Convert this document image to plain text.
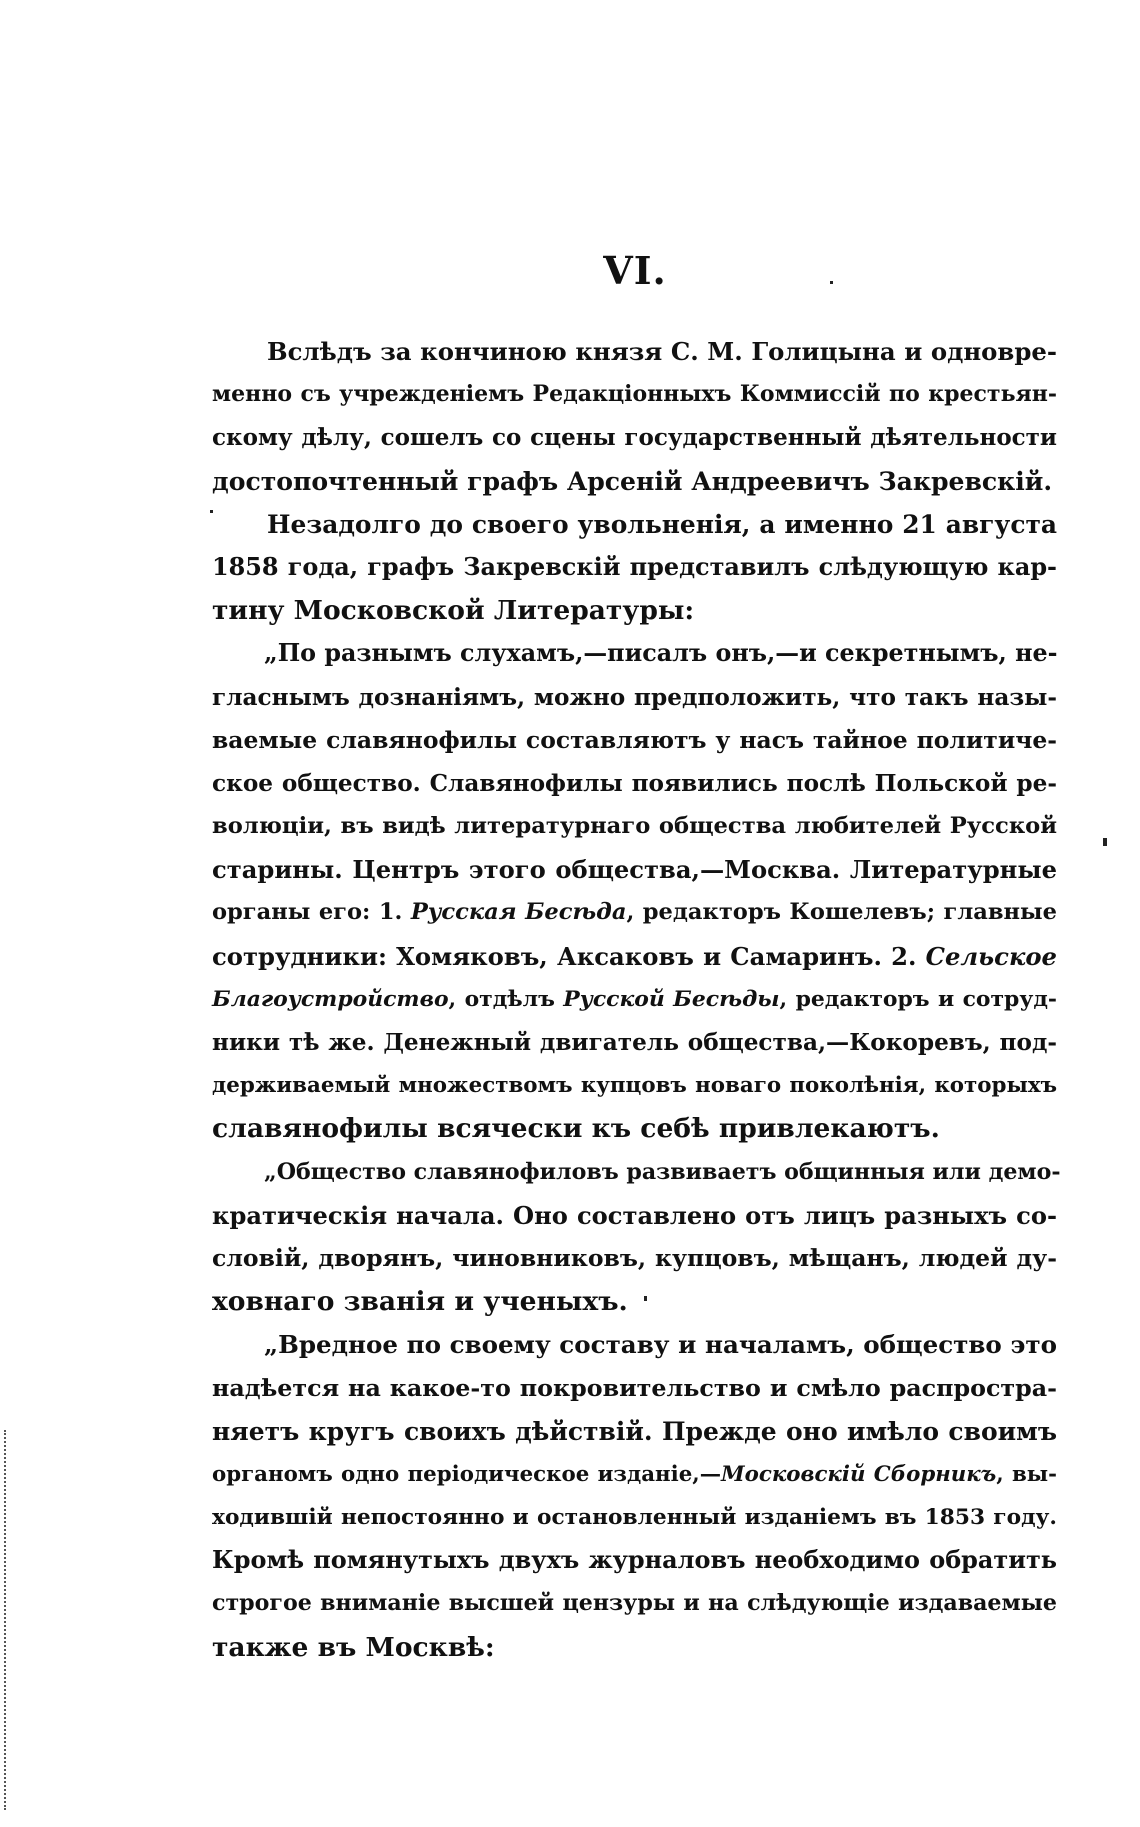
VI.
Вслѣдъ за кончиною князя С. М. Голицына и одновре-
менно съ учрежденіемъ Редакціонныхъ Коммиссій по крестьян-
скому дѣлу, сошелъ со сцены государственный дѣятельности
достопочтенный графъ Арсеній Андреевичъ Закревскій.
Незадолго до своего увольненія, а именно 21 августа
1858 года, графъ Закревскій представилъ слѣдующую кар-
тину Московской Литературы:
„По разнымъ слухамъ,—писалъ онъ,—и секретнымъ, не-
гласнымъ дознаніямъ, можно предположить, что такъ назы-
ваемые славянофилы составляютъ у насъ тайное политиче-
ское общество. Славянофилы появились послѣ Польской ре-
волюціи, въ видѣ литературнаго общества любителей Русской
старины. Центръ этого общества,—Москва. Литературные
органы его: 1. Русская Бесѣда, редакторъ Кошелевъ; главные
сотрудники: Хомяковъ, Аксаковъ и Самаринъ. 2. Сельское
Благоустройство, отдѣлъ Русской Бесѣды, редакторъ и сотруд-
ники тѣ же. Денежный двигатель общества,—Кокоревъ, под-
держиваемый множествомъ купцовъ новаго поколѣнія, которыхъ
славянофилы всячески къ себѣ привлекаютъ.
„Общество славянофиловъ развиваетъ общинныя или демо-
кратическія начала. Оно составлено отъ лицъ разныхъ со-
словій, дворянъ, чиновниковъ, купцовъ, мѣщанъ, людей ду-
ховнаго званія и ученыхъ.
„Вредное по своему составу и началамъ, общество это
надѣется на какое-то покровительство и смѣло распростра-
няетъ кругъ своихъ дѣйствій. Прежде оно имѣло своимъ
органомъ одно періодическое изданіе,—Московскій Сборникъ, вы-
ходившій непостоянно и остановленный изданіемъ въ 1853 году.
Кромѣ помянутыхъ двухъ журналовъ необходимо обратить
строгое вниманіе высшей цензуры и на слѣдующіе издаваемые
также въ Москвѣ:
